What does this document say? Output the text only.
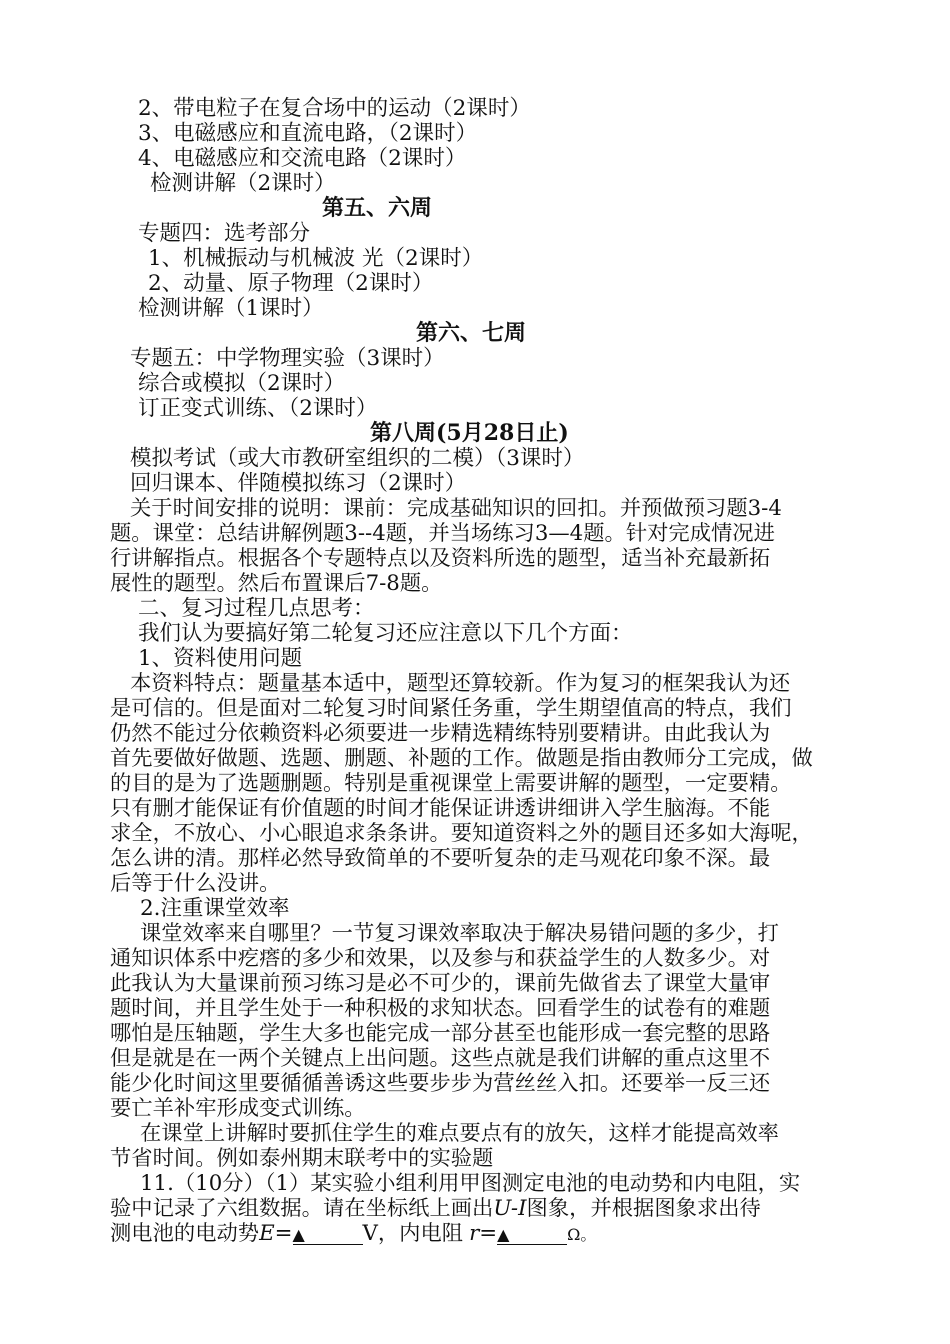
2、带电粒子在复合场中的运动（2课时）
3、电磁感应和直流电路，（2课时）
4、电磁感应和交流电路（2课时）
检测讲解（2课时）
第五、六周
专题四：选考部分
1、机械振动与机械波 光（2课时）
2、动量、原子物理（2课时）
检测讲解（1课时）
第六、七周
专题五：中学物理实验（3课时）
综合或模拟（2课时）
订正变式训练、（2课时）
第八周(5月28日止)
模拟考试（或大市教研室组织的二模）（3课时）
回归课本、伴随模拟练习（2课时）
关于时间安排的说明：课前：完成基础知识的回扣。并预做预习题3-4
题。课堂：总结讲解例题3--4题，并当场练习3—4题。针对完成情况进
行讲解指点。根据各个专题特点以及资料所选的题型，适当补充最新拓
展性的题型。然后布置课后7-8题。
二、复习过程几点思考：
我们认为要搞好第二轮复习还应注意以下几个方面：
1、资料使用问题
本资料特点：题量基本适中，题型还算较新。作为复习的框架我认为还
是可信的。但是面对二轮复习时间紧任务重，学生期望值高的特点，我们
仍然不能过分依赖资料必须要进一步精选精练特别要精讲。由此我认为
首先要做好做题、选题、删题、补题的工作。做题是指由教师分工完成，做
的目的是为了选题删题。特别是重视课堂上需要讲解的题型，一定要精。
只有删才能保证有价值题的时间才能保证讲透讲细讲入学生脑海。不能
求全，不放心、小心眼追求条条讲。要知道资料之外的题目还多如大海呢，
怎么讲的清。那样必然导致简单的不要听复杂的走马观花印象不深。最
后等于什么没讲。
2.注重课堂效率
课堂效率来自哪里？一节复习课效率取决于解决易错问题的多少，打
通知识体系中疙瘩的多少和效果，以及参与和获益学生的人数多少。对
此我认为大量课前预习练习是必不可少的，课前先做省去了课堂大量审
题时间，并且学生处于一种积极的求知状态。回看学生的试卷有的难题
哪怕是压轴题，学生大多也能完成一部分甚至也能形成一套完整的思路
但是就是在一两个关键点上出问题。这些点就是我们讲解的重点这里不
能少化时间这里要循循善诱这些要步步为营丝丝入扣。还要举一反三还
要亡羊补牢形成变式训练。
在课堂上讲解时要抓住学生的难点要点有的放矢，这样才能提高效率
节省时间。例如泰州期末联考中的实验题
11.（10分）（1）某实验小组利用甲图测定电池的电动势和内电阻，实
验中记录了六组数据。请在坐标纸上画出U-I图象，并根据图象求出待
测电池的电动势E=▲	V，内电阻 r=▲	Ω。
